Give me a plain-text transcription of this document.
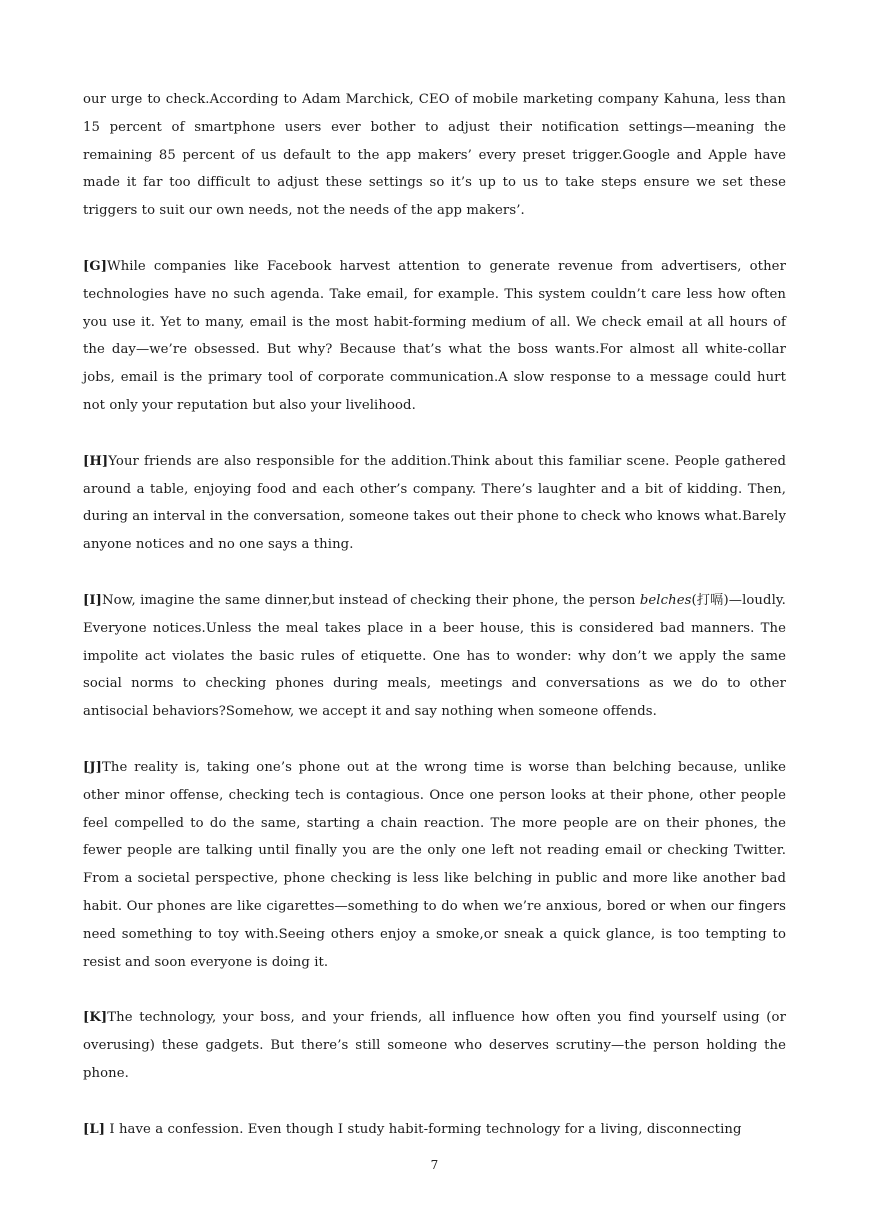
our urge to check.According to Adam Marchick, CEO of mobile marketing company Kahuna, less than 15 percent of smartphone users ever bother to adjust their notification settings—meaning the remaining 85 percent of us default to the app makers’ every preset trigger.Google and Apple have made it far too difficult to adjust these settings so it’s up to us to take steps ensure we set these triggers to suit our own needs, not the needs of the app makers’.

[G]While companies like Facebook harvest attention to generate revenue from advertisers, other technologies have no such agenda. Take email, for example. This system couldn’t care less how often you use it. Yet to many, email is the most habit-forming medium of all. We check email at all hours of the day—we’re obsessed. But why? Because that’s what the boss wants.For almost all white-collar jobs, email is the primary tool of corporate communication.A slow response to a message could hurt not only your reputation but also your livelihood.

[H]Your friends are also responsible for the addition.Think about this familiar scene. People gathered around a table, enjoying food and each other’s company. There’s laughter and a bit of kidding. Then, during an interval in the conversation, someone takes out their phone to check who knows what.Barely anyone notices and no one says a thing.

[I]Now, imagine the same dinner,but instead of checking their phone, the person belches(打嗝)—loudly. Everyone notices.Unless the meal takes place in a beer house, this is considered bad manners. The impolite act violates the basic rules of etiquette. One has to wonder: why don’t we apply the same social norms to checking phones during meals, meetings and conversations as we do to other antisocial behaviors?Somehow, we accept it and say nothing when someone offends.

[J]The reality is, taking one’s phone out at the wrong time is worse than belching because, unlike other minor offense, checking tech is contagious. Once one person looks at their phone, other people feel compelled to do the same, starting a chain reaction. The more people are on their phones, the fewer people are talking until finally you are the only one left not reading email or checking Twitter. From a societal perspective, phone checking is less like belching in public and more like another bad habit. Our phones are like cigarettes—something to do when we’re anxious, bored or when our fingers need something to toy with.Seeing others enjoy a smoke,or sneak a quick glance, is too tempting to resist and soon everyone is doing it.

[K]The technology, your boss, and your friends, all influence how often you find yourself using (or overusing) these gadgets. But there’s still someone who deserves scrutiny—the person holding the phone.

[L] I have a confession. Even though I study habit-forming technology for a living, disconnecting

7
